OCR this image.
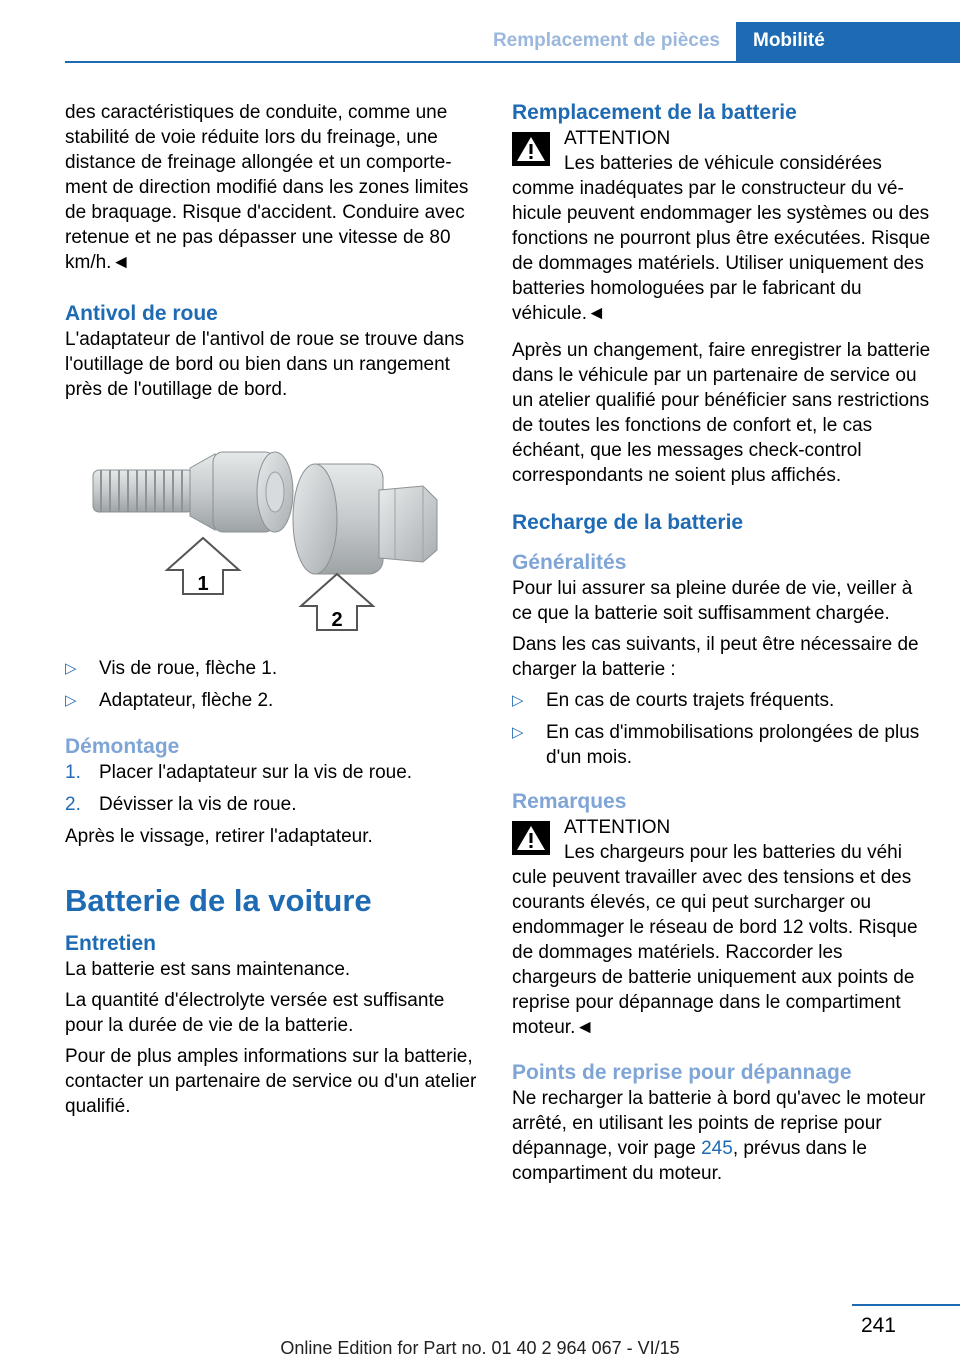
Remplacement de pièces Mobilité

des caractéristiques de conduite, comme une stabilité de voie réduite lors du freinage, une distance de freinage allongée et un comportement de direction modifié dans les zones limites de braquage. Risque d'accident. Conduire avec retenue et ne pas dépasser une vitesse de 80 km/h.◄

Antivol de roue

L'adaptateur de l'antivol de roue se trouve dans l'outillage de bord ou bien dans un rangement près de l'outillage de bord.

1
2
▷ Vis de roue, flèche 1.
▷ Adaptateur, flèche 2.
Démontage
1. Placer l'adaptateur sur la vis de roue.
2. Dévisser la vis de roue.

Après le vissage, retirer l'adaptateur.

Batterie de la voiture
Entretien

La batterie est sans maintenance.

La quantité d'électrolyte versée est suffisante pour la durée de vie de la batterie.

Pour de plus amples informations sur la batterie, contacter un partenaire de service ou d'un atelier qualifié.

Remplacement de la batterie
ATTENTION
Les batteries de véhicule considérées

comme inadéquates par le constructeur du véhicule peuvent endommager les systèmes ou des fonctions ne pourront plus être exécutées. Risque de dommages matériels. Utiliser uniquement des batteries homologuées par le fabricant du véhicule.◄

Après un changement, faire enregistrer la batterie dans le véhicule par un partenaire de service ou un atelier qualifié pour bénéficier sans restrictions de toutes les fonctions de confort et, le cas échéant, que les messages check-control correspondants ne soient plus affichés.

Recharge de la batterie
Généralités

Pour lui assurer sa pleine durée de vie, veiller à ce que la batterie soit suffisamment chargée.

Dans les cas suivants, il peut être nécessaire de charger la batterie :

▷ En cas de courts trajets fréquents.
▷ En cas d'immobilisations prolongées de plus d'un mois.
Remarques
ATTENTION
Les chargeurs pour les batteries du véhi

cule peuvent travailler avec des tensions et des courants élevés, ce qui peut surcharger ou endommager le réseau de bord 12 volts. Risque de dommages matériels. Raccorder les chargeurs de batterie uniquement aux points de reprise pour dépannage dans le compartiment moteur.◄

Points de reprise pour dépannage

Ne recharger la batterie à bord qu'avec le moteur arrêté, en utilisant les points de reprise pour dépannage, voir page 245, prévus dans le compartiment du moteur.

241
Online Edition for Part no. 01 40 2 964 067 - VI/15
